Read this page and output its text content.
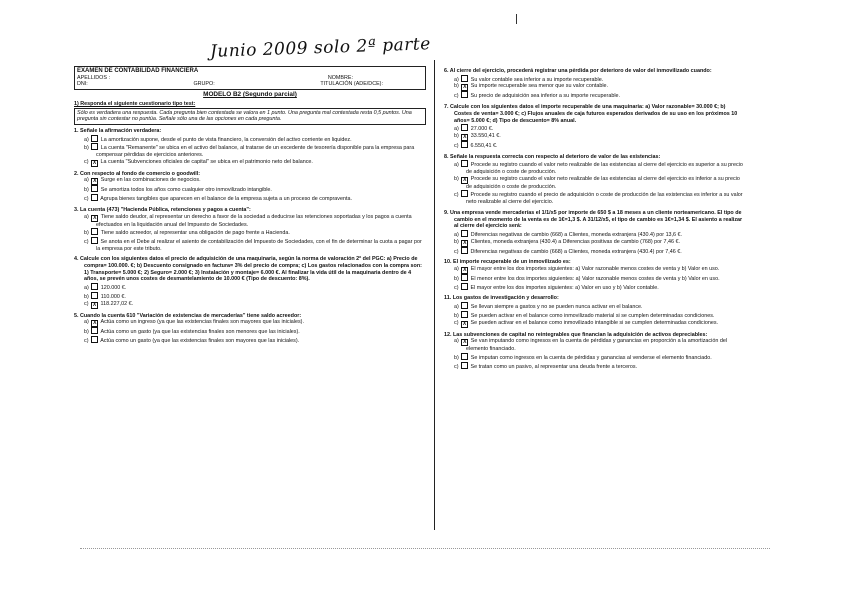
Junio 2009 solo 2ª parte
EXAMEN DE CONTABILIDAD FINANCIERA
APELLIDOS :	NOMBRE:
DNI:	GRUPO:	TITULACIÓN (ADE/DCE):
MODELO B2 (Segundo parcial)
1) Responda el siguiente cuestionario tipo test:
Sólo es verdadera una respuesta. Cada pregunta bien contestada se valora en 1 punto. Una pregunta mal contestada resta 0,5 puntos. Una pregunta sin contestar no puntúa. Señale sólo una de las opciones en cada pregunta.
1. Señale la afirmación verdadera:
a) La amortización supone, desde el punto de vista financiero, la conversión del activo corriente en liquidez.
b) La cuenta "Remanente" se ubica en el activo del balance, al tratarse de un excedente de tesorería disponible para la empresa para compensar pérdidas de ejercicios anteriores.
c) X La cuenta "Subvenciones oficiales de capital" se ubica en el patrimonio neto del balance.
2. Con respecto al fondo de comercio o goodwill:
a) X Surge en las combinaciones de negocios.
b) Se amortiza todos los años como cualquier otro inmovilizado intangible.
c) Agrupa bienes tangibles que aparecen en el balance de la empresa sujeta a un proceso de compraventa.
3. La cuenta (473) "Hacienda Pública, retenciones y pagos a cuenta":
a) X Tiene saldo deudor, al representar un derecho a favor de la sociedad a deducirse las retenciones soportadas y los pagos a cuenta efectuados en la liquidación anual del Impuesto de Sociedades.
b) Tiene saldo acreedor, al representar una obligación de pago frente a Hacienda.
c) Se anota en el Debe al realizar el asiento de contabilización del Impuesto de Sociedades, con el fin de determinar la cuota a pagar por la empresa por este tributo.
4. Calcule con los siguientes datos el precio de adquisición de una maquinaria, según la norma de valoración 2ª del PGC: a) Precio de compra= 100.000. €; b) Descuento consignado en factura= 3% del precio de compra; c) Los gastos relacionados con la compra son: 1) Transporte= 5.000 €; 2) Seguro= 2.000 €; 3) Instalación y montaje= 6.000 €. Al finalizar la vida útil de la maquinaria dentro de 4 años, se prevén unos costes de desmantelamiento de 10.000 € (Tipo de descuento: 8%).
a) 120.000 €.
b) 110.000 €.
c) X 118.227,02 €.
5. Cuando la cuenta 610 "Variación de existencias de mercaderías" tiene saldo acreedor:
a) X Actúa como un ingreso (ya que las existencias finales son mayores que las iniciales).
b) Actúa como un gasto (ya que las existencias finales son menores que las iniciales).
c) Actúa como un gasto (ya que las existencias finales son mayores que las iniciales).
6. Al cierre del ejercicio, procederá registrar una pérdida por deterioro de valor del inmovilizado cuando:
a) Su valor contable sea inferior a su importe recuperable.
b) X Su importe recuperable sea menor que su valor contable.
c) Su precio de adquisición sea inferior a su importe recuperable.
7. Calcule con los siguientes datos el importe recuperable de una maquinaria: a) Valor razonable= 30.000 €; b) Costes de venta= 3.000 €; c) Flujos anuales de caja futuros esperados derivados de su uso en los próximos 10 años= 5.000 €; d) Tipo de descuento= 8% anual.
a) 27.000 €.
b) X 33.550,41 €.
c) 6.550,41 €.
8. Señale la respuesta correcta con respecto al deterioro de valor de las existencias:
a) Procede su registro cuando el valor neto realizable de las existencias al cierre del ejercicio es superior a su precio de adquisición o coste de producción.
b) X Procede su registro cuando el valor neto realizable de las existencias al cierre del ejercicio es inferior a su precio de adquisición o coste de producción.
c) Procede su registro cuando el precio de adquisición o coste de producción de las existencias es inferior a su valor neto realizable al cierre del ejercicio.
9. Una empresa vende mercaderías el 1/1/x5 por importe de 650 $ a 18 meses a un cliente norteamericano. El tipo de cambio en el momento de la venta es de 1€=1,3 $. A 31/12/x5, el tipo de cambio es 1€=1,34 $. El asiento a realizar al cierre del ejercicio será:
a) Diferencias negativas de cambio (668) a Clientes, moneda extranjera (430.4) por 13,6 €.
b) X Clientes, moneda extranjera (430.4) a Diferencias positivas de cambio (768) por 7,46 €.
c) Diferencias negativas de cambio (668) a Clientes, moneda extranjera (430.4) por 7,46 €.
10. El importe recuperable de un inmovilizado es:
a) X El mayor entre los dos importes siguientes: a) Valor razonable menos costes de venta y b) Valor en uso.
b) El menor entre los dos importes siguientes: a) Valor razonable menos costes de venta y b) Valor en uso.
c) El mayor entre los dos importes siguientes: a) Valor en uso y b) Valor contable.
11. Los gastos de investigación y desarrollo:
a) Se llevan siempre a gastos y no se pueden nunca activar en el balance.
b) Se pueden activar en el balance como inmovilizado material si se cumplen determinadas condiciones.
c) X Se pueden activar en el balance como inmovilizado intangible si se cumplen determinadas condiciones.
12. Las subvenciones de capital no reintegrables que financian la adquisición de activos depreciables:
a) X Se van imputando como ingresos en la cuenta de pérdidas y ganancias en proporción a la amortización del elemento financiado.
b) Se imputan como ingresos en la cuenta de pérdidas y ganancias al venderse el elemento financiado.
c) Se tratan como un pasivo, al representar una deuda frente a terceros.
